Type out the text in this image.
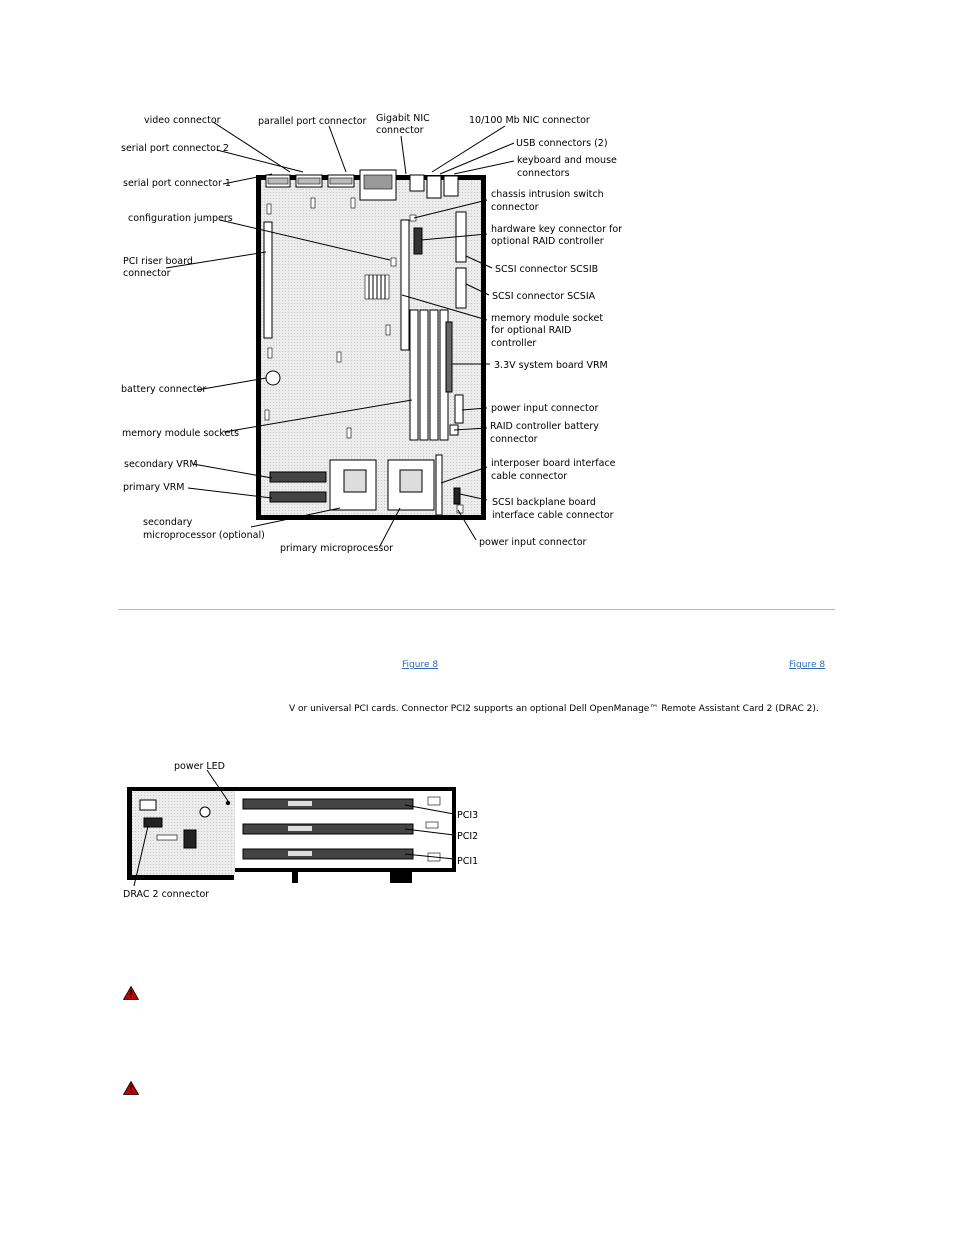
video connector	parallel port connector Gigabit NIC
connector
10/100 Mb NIC connector
USB connectors (2)
keyboard and mouse
connectors
serial port connector 2
serial port connector 1
chassis intrusion switch
connector
configuration jumpers
hardware key connector for
optional RAID controller
PCI riser board
connector	SCSI connector SCSIB
SCSI connector SCSIA
memory module socket
for optional RAID
controller
3.3V system board VRM
battery connector
power input connector
RAID controller battery
connector
memory module sockets
secondary VRM	interposer board interface
cable connector
primary VRM
SCSI backplane board
interface cable connector
secondary
microprocessor (optional)
power input connector
primary microprocessor
Figure 8	Figure 8
V or universal PCI cards. Connector PCI2 supports an optional Dell OpenManage™ Remote Assistant Card 2 (DRAC 2).
power LED
PCI3
PCI2
PCI1
DRAC 2 connector
